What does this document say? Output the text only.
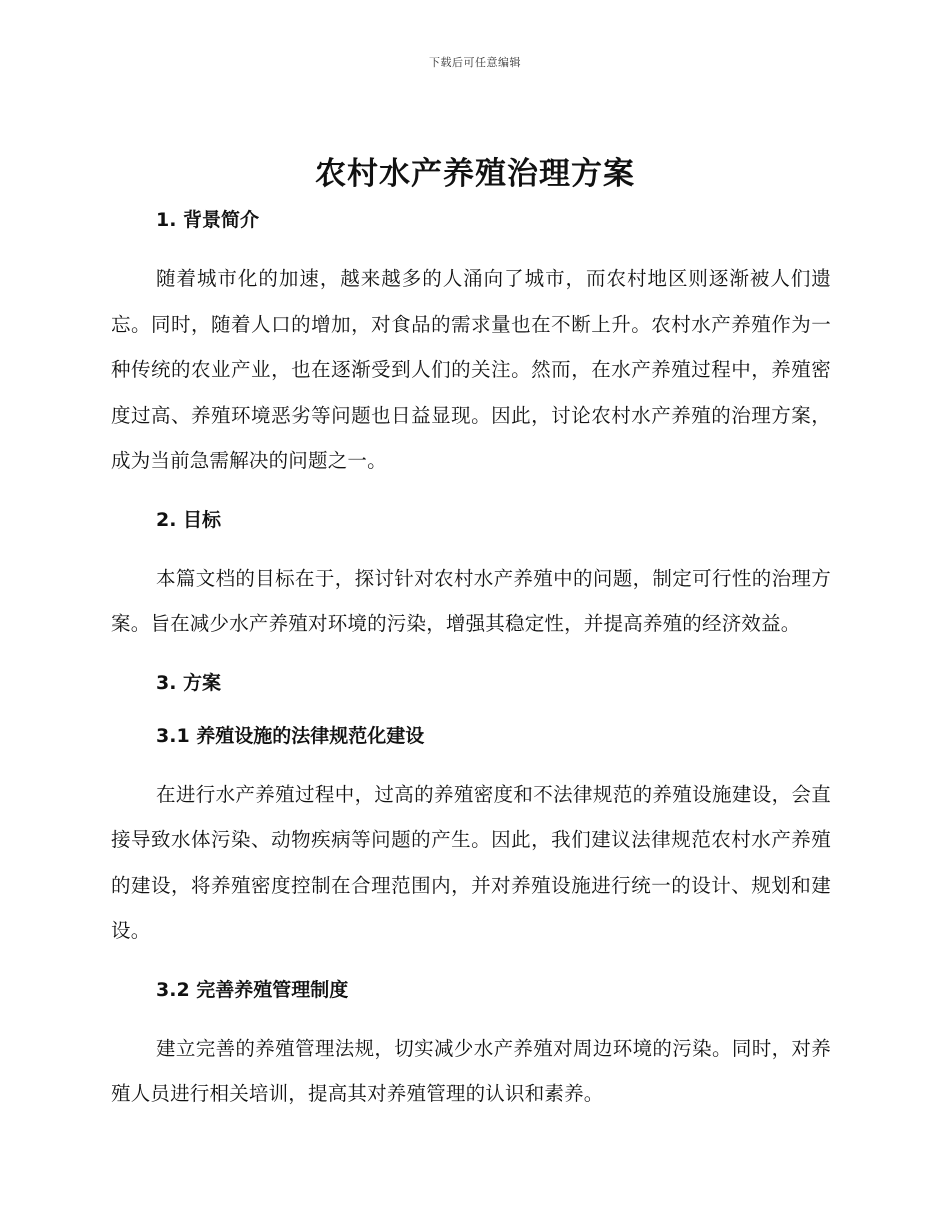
下载后可任意编辑
农村水产养殖治理方案
1. 背景简介

随着城市化的加速，越来越多的人涌向了城市，而农村地区则逐渐被人们遗忘。同时，随着人口的增加，对食品的需求量也在不断上升。农村水产养殖作为一种传统的农业产业，也在逐渐受到人们的关注。然而，在水产养殖过程中，养殖密度过高、养殖环境恶劣等问题也日益显现。因此，讨论农村水产养殖的治理方案，成为当前急需解决的问题之一。

2. 目标

本篇文档的目标在于，探讨针对农村水产养殖中的问题，制定可行性的治理方案。旨在减少水产养殖对环境的污染，增强其稳定性，并提高养殖的经济效益。

3. 方案
3.1 养殖设施的法律规范化建设

在进行水产养殖过程中，过高的养殖密度和不法律规范的养殖设施建设，会直接导致水体污染、动物疾病等问题的产生。因此，我们建议法律规范农村水产养殖的建设，将养殖密度控制在合理范围内，并对养殖设施进行统一的设计、规划和建设。

3.2 完善养殖管理制度

建立完善的养殖管理法规，切实减少水产养殖对周边环境的污染。同时，对养殖人员进行相关培训，提高其对养殖管理的认识和素养。
